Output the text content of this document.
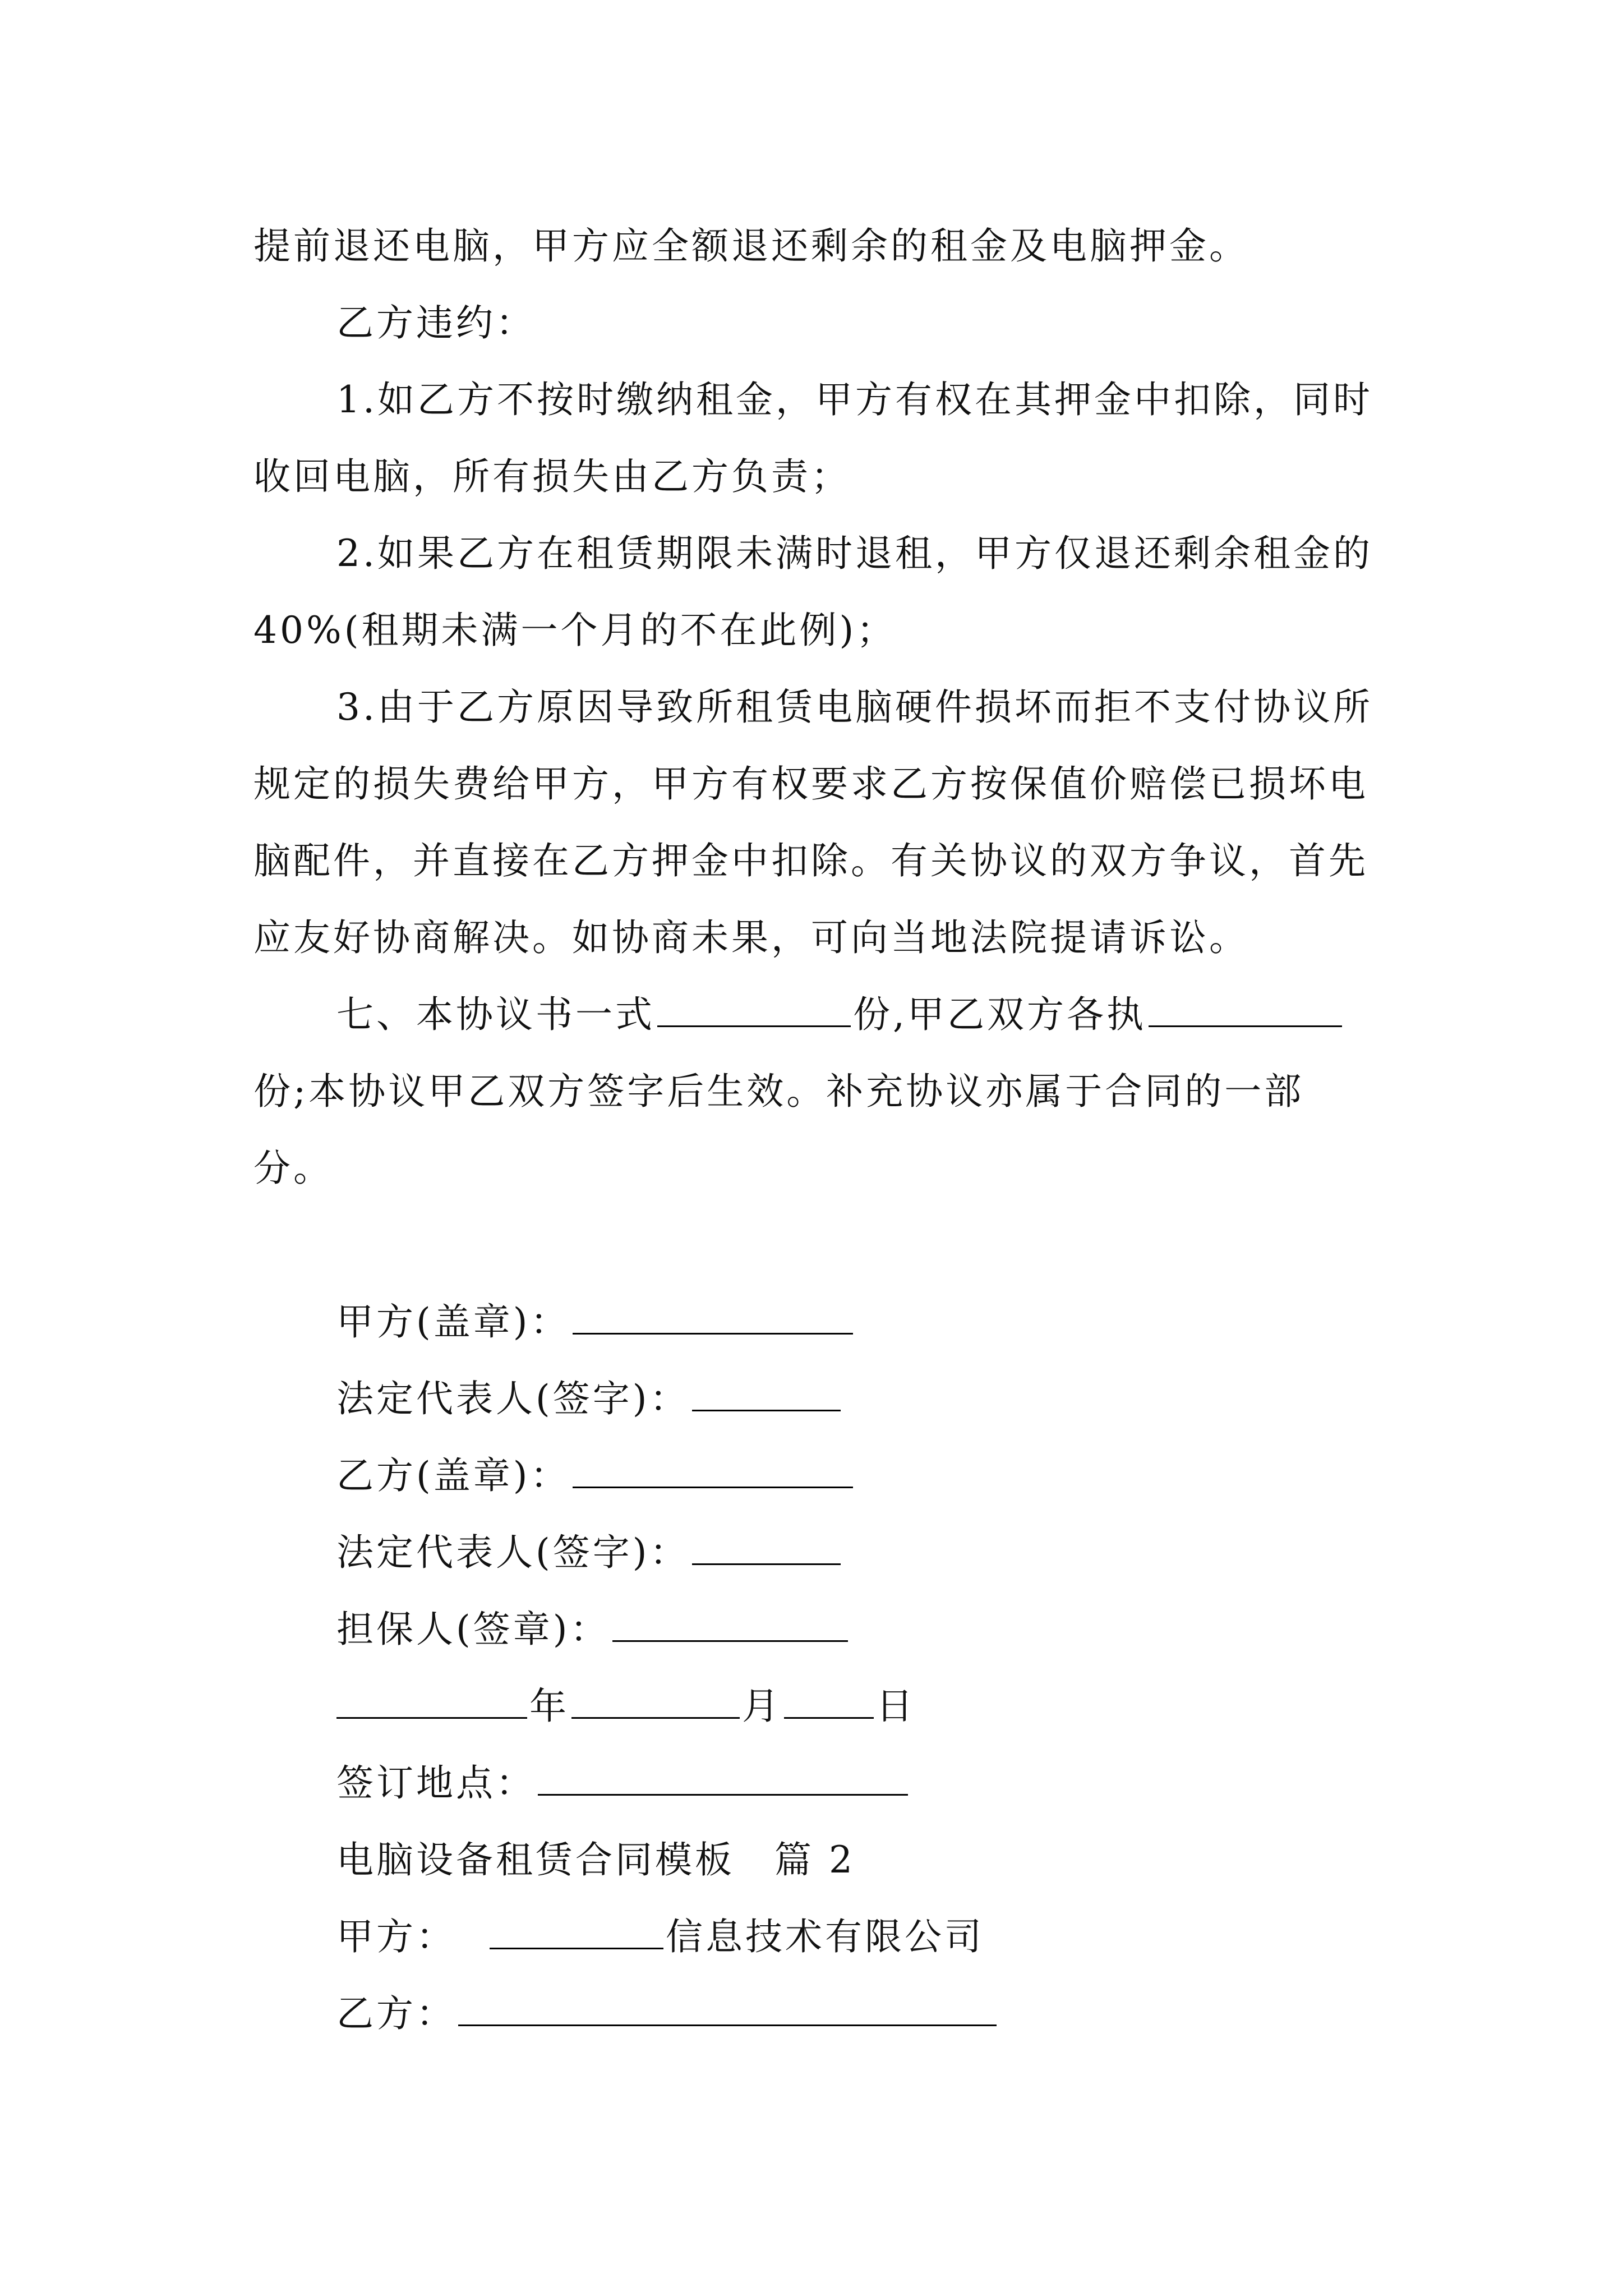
提前退还电脑，甲方应全额退还剩余的租金及电脑押金。

乙方违约：

1.如乙方不按时缴纳租金，甲方有权在其押金中扣除，同时收回电脑，所有损失由乙方负责；

2.如果乙方在租赁期限未满时退租，甲方仅退还剩余租金的40%(租期未满一个月的不在此例)；

3.由于乙方原因导致所租赁电脑硬件损坏而拒不支付协议所规定的损失费给甲方，甲方有权要求乙方按保值价赔偿已损坏电脑配件，并直接在乙方押金中扣除。有关协议的双方争议，首先应友好协商解决。如协商未果，可向当地法院提请诉讼。

七、本协议书一式	份,甲乙双方各执份;本协议甲乙双方签字后生效。补充协议亦属于合同的一部分。

甲方(盖章)：
法定代表人(签字)：
乙方(盖章)：
法定代表人(签字)：
担保人(签章)：
年	月	日
签订地点：
电脑设备租赁合同模板　篇 2
甲方：	信息技术有限公司
乙方：
